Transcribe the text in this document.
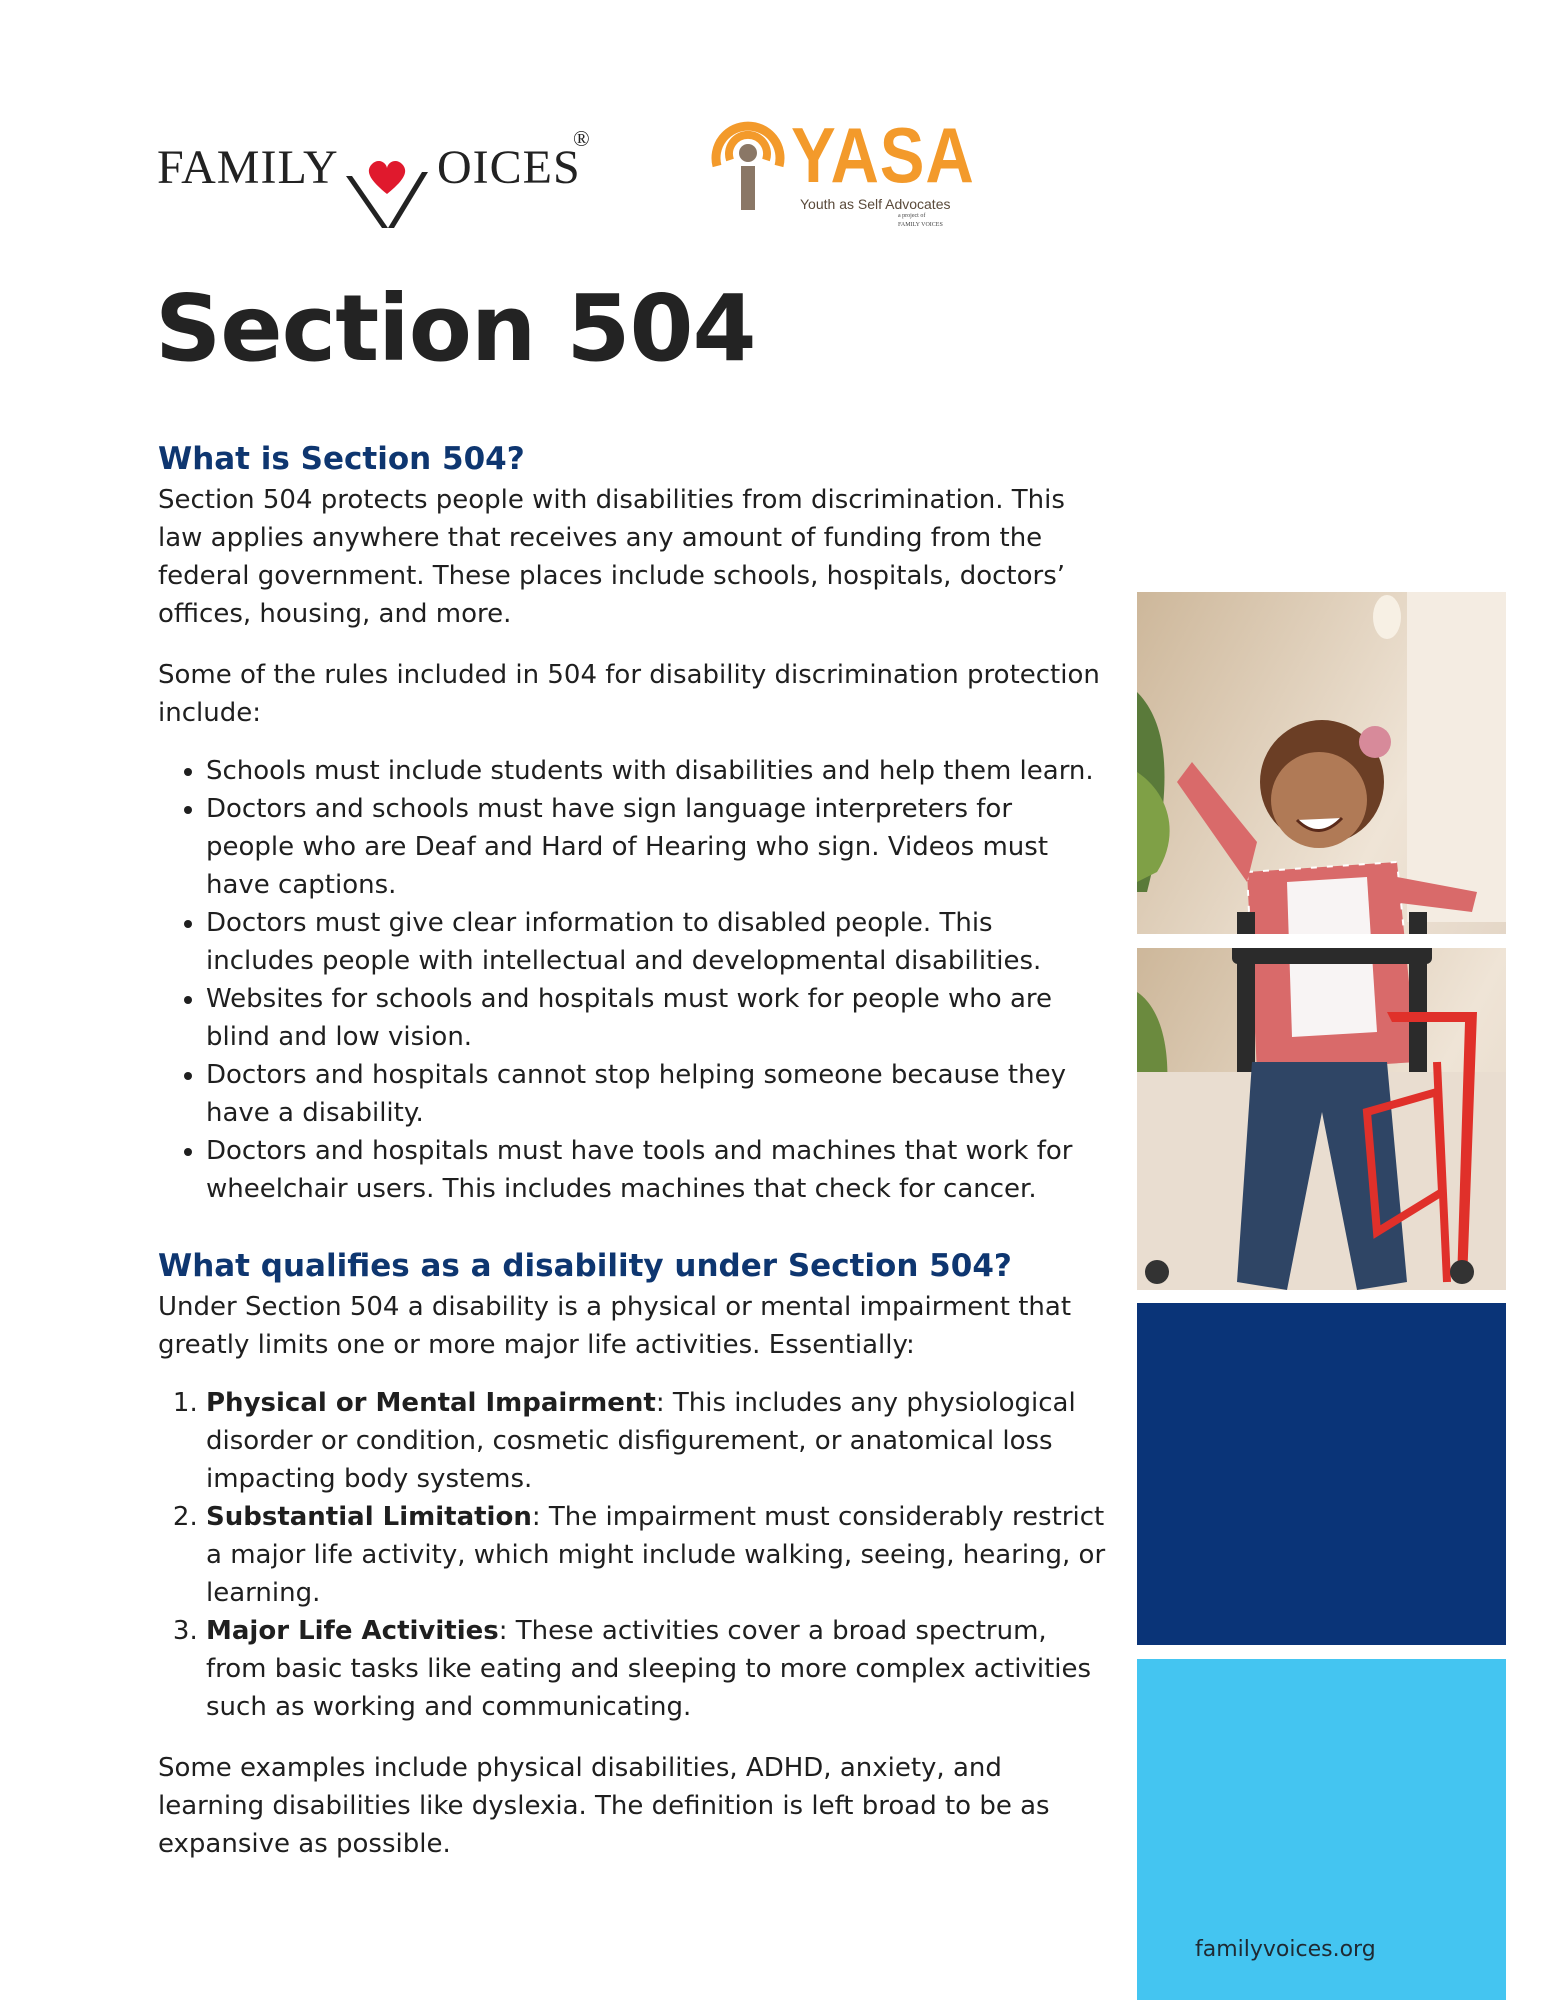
FAMILY OICES
®	YASA
Youth as Self Advocates
a project of
FAMILY VOICES
Section 504
What is Section 504?

Section 504 protects people with disabilities from discrimination. This law applies anywhere that receives any amount of funding from the federal government. These places include schools, hospitals, doctors’ offices, housing, and more.

Some of the rules included in 504 for disability discrimination protection include:

• Schools must include students with disabilities and help them learn.
• Doctors and schools must have sign language interpreters for people who are Deaf and Hard of Hearing who sign. Videos must have captions.
• Doctors must give clear information to disabled people. This includes people with intellectual and developmental disabilities.
• Websites for schools and hospitals must work for people who are blind and low vision.
• Doctors and hospitals cannot stop helping someone because they have a disability.
• Doctors and hospitals must have tools and machines that work for wheelchair users. This includes machines that check for cancer.
What qualifies as a disability under Section 504?

Under Section 504 a disability is a physical or mental impairment that greatly limits one or more major life activities. Essentially:

1. Physical or Mental Impairment: This includes any physiological disorder or condition, cosmetic disfigurement, or anatomical loss impacting body systems.
2. Substantial Limitation: The impairment must considerably restrict a major life activity, which might include walking, seeing, hearing, or learning.
3. Major Life Activities: These activities cover a broad spectrum, from basic tasks like eating and sleeping to more complex activities such as working and communicating.

Some examples include physical disabilities, ADHD, anxiety, and learning disabilities like dyslexia. The definition is left broad to be as expansive as possible.

familyvoices.org
